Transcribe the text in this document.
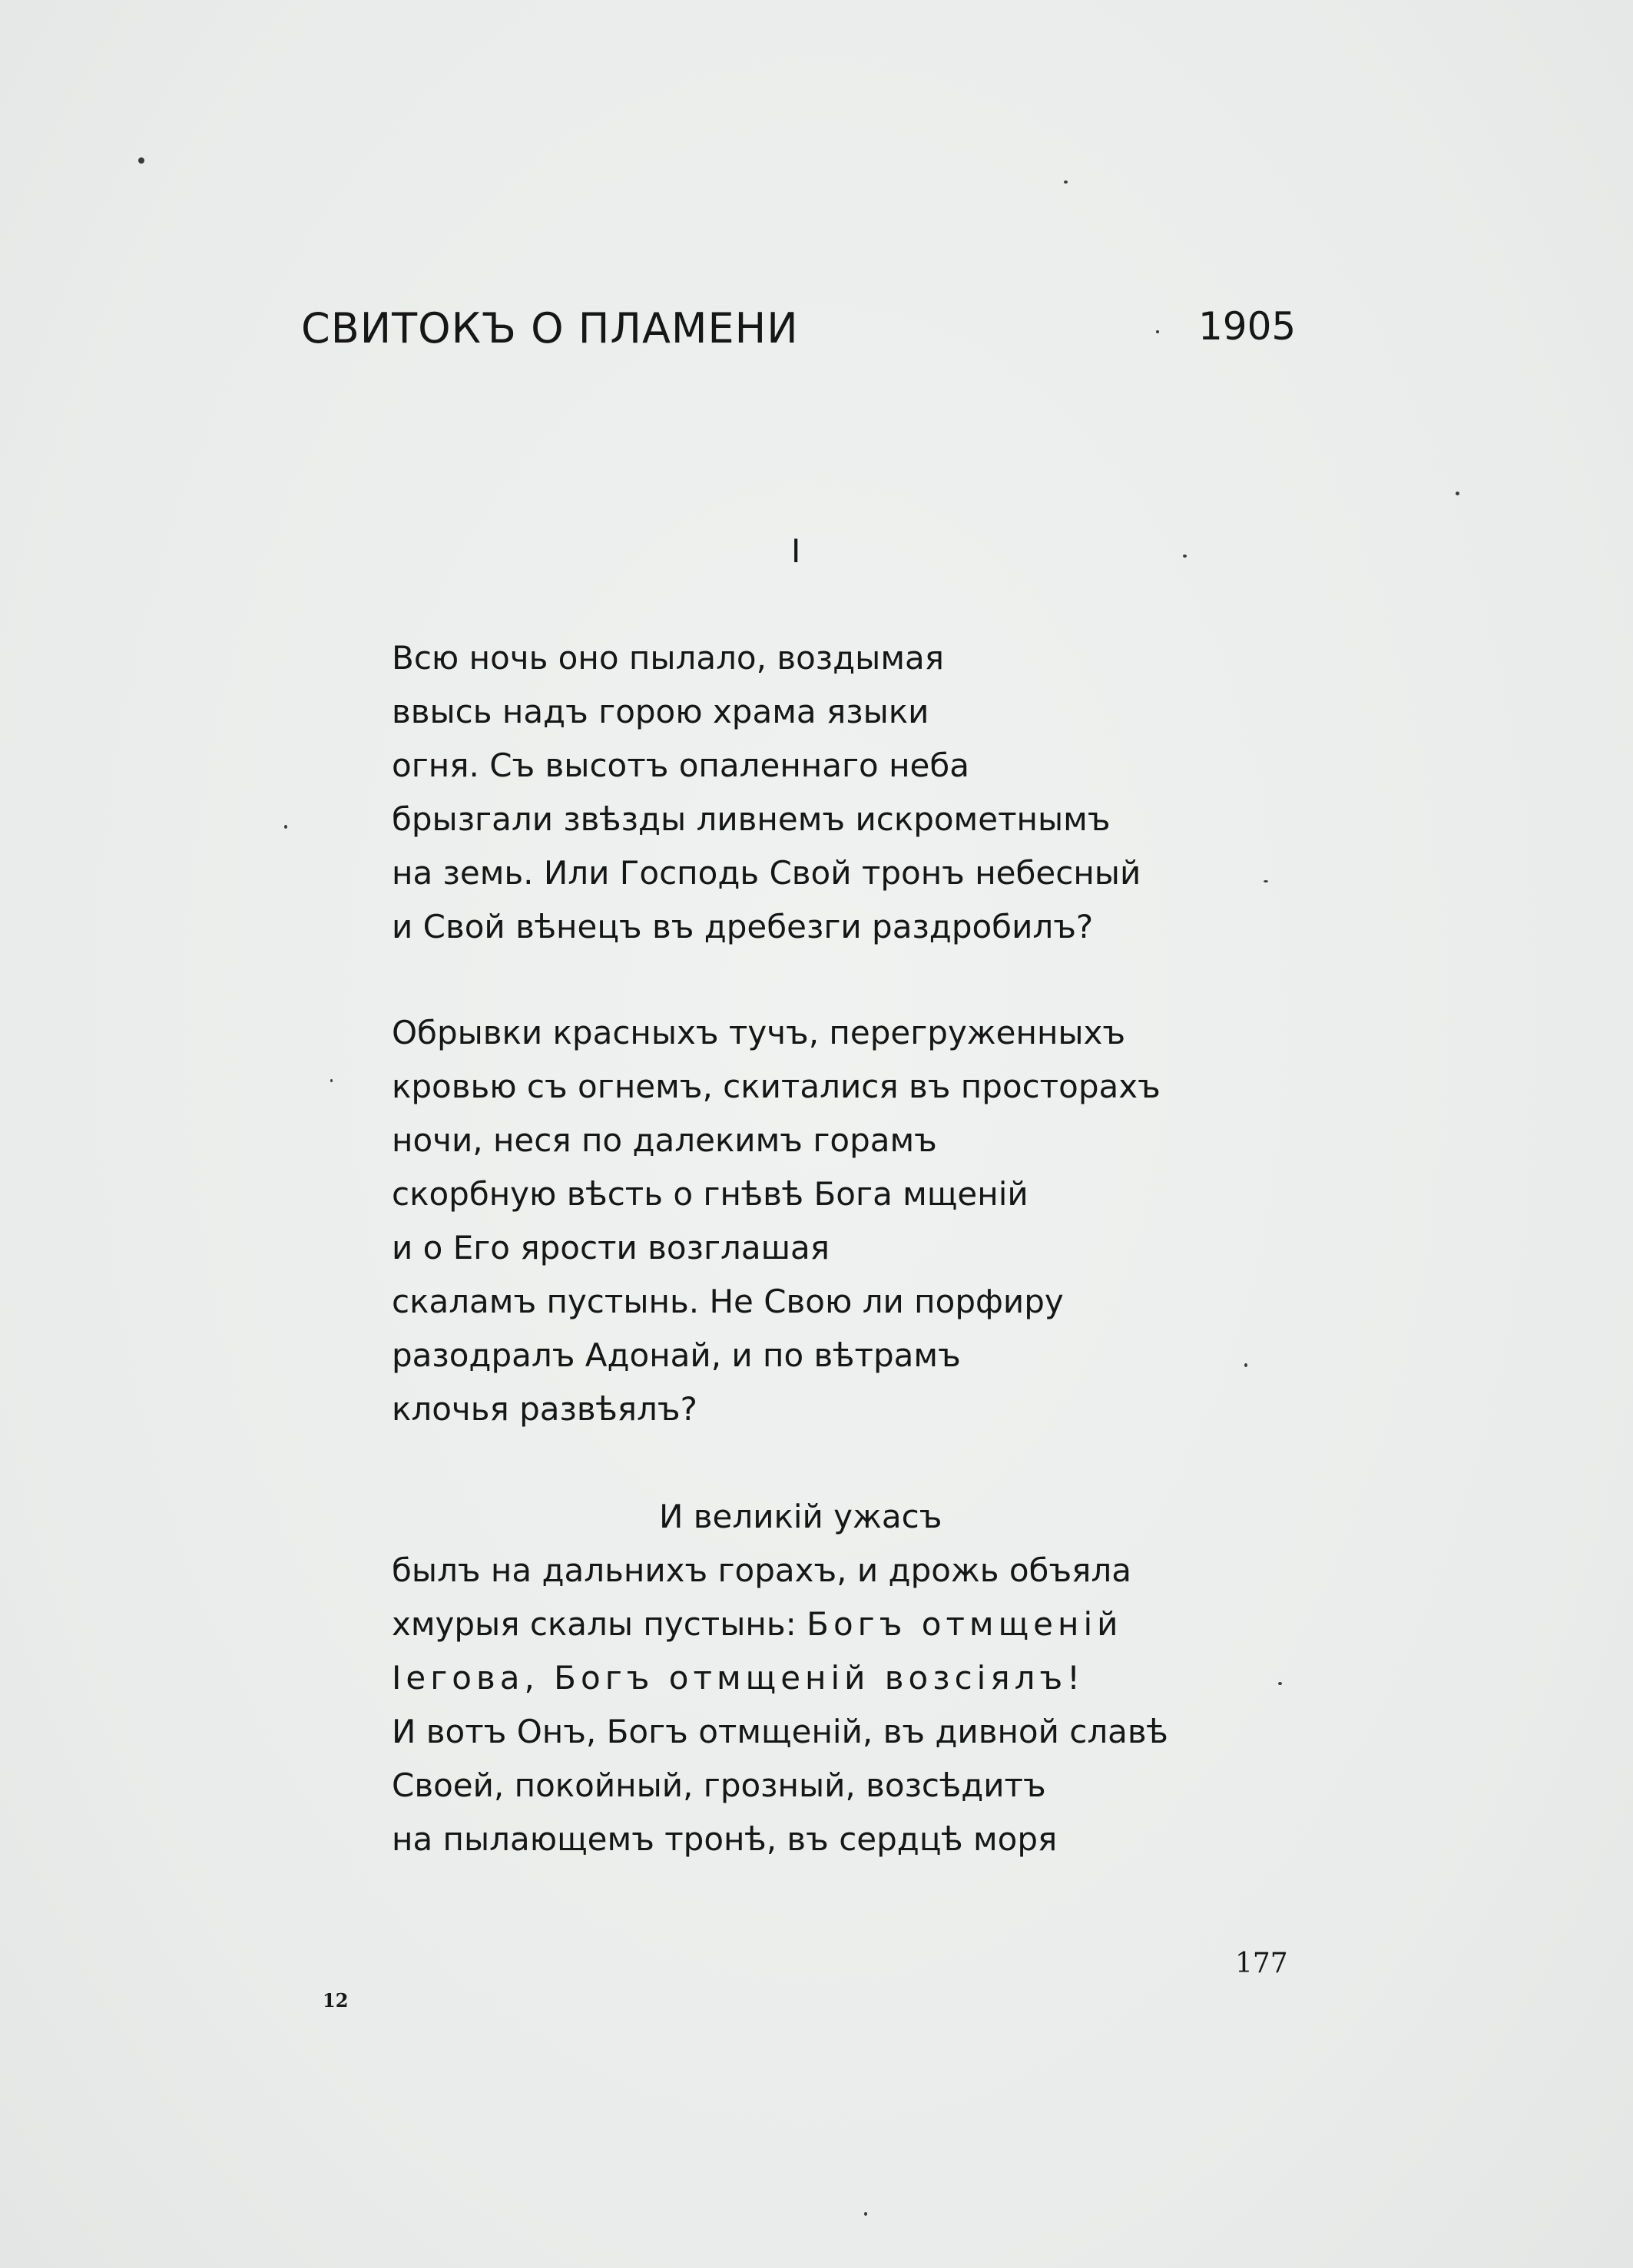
СВИТОКЪ О ПЛАМЕНИ	1905
I
Всю ночь оно пылало, воздымая
ввысь надъ горою храма языки
огня. Съ высотъ опаленнаго неба
брызгали звѣзды ливнемъ искрометнымъ
на земь. Или Господь Свой тронъ небесный
и Свой вѣнецъ въ дребезги раздробилъ?
Обрывки красныхъ тучъ, перегруженныхъ
кровью съ огнемъ, скиталися въ просторахъ
ночи, неся по далекимъ горамъ
скорбную вѣсть о гнѣвѣ Бога мщеній
и о Его ярости возглашая
скаламъ пустынь. Не Свою ли порфиру
разодралъ Адонай, и по вѣтрамъ
клочья развѣялъ?
И великій ужасъ
былъ на дальнихъ горахъ, и дрожь объяла
хмурыя скалы пустынь: Богъ отмщеній
Іегова, Богъ отмщеній возсіялъ!
И вотъ Онъ, Богъ отмщеній, въ дивной славѣ
Своей, покойный, грозный, возсѣдитъ
на пылающемъ тронѣ, въ сердцѣ моря
177
12
